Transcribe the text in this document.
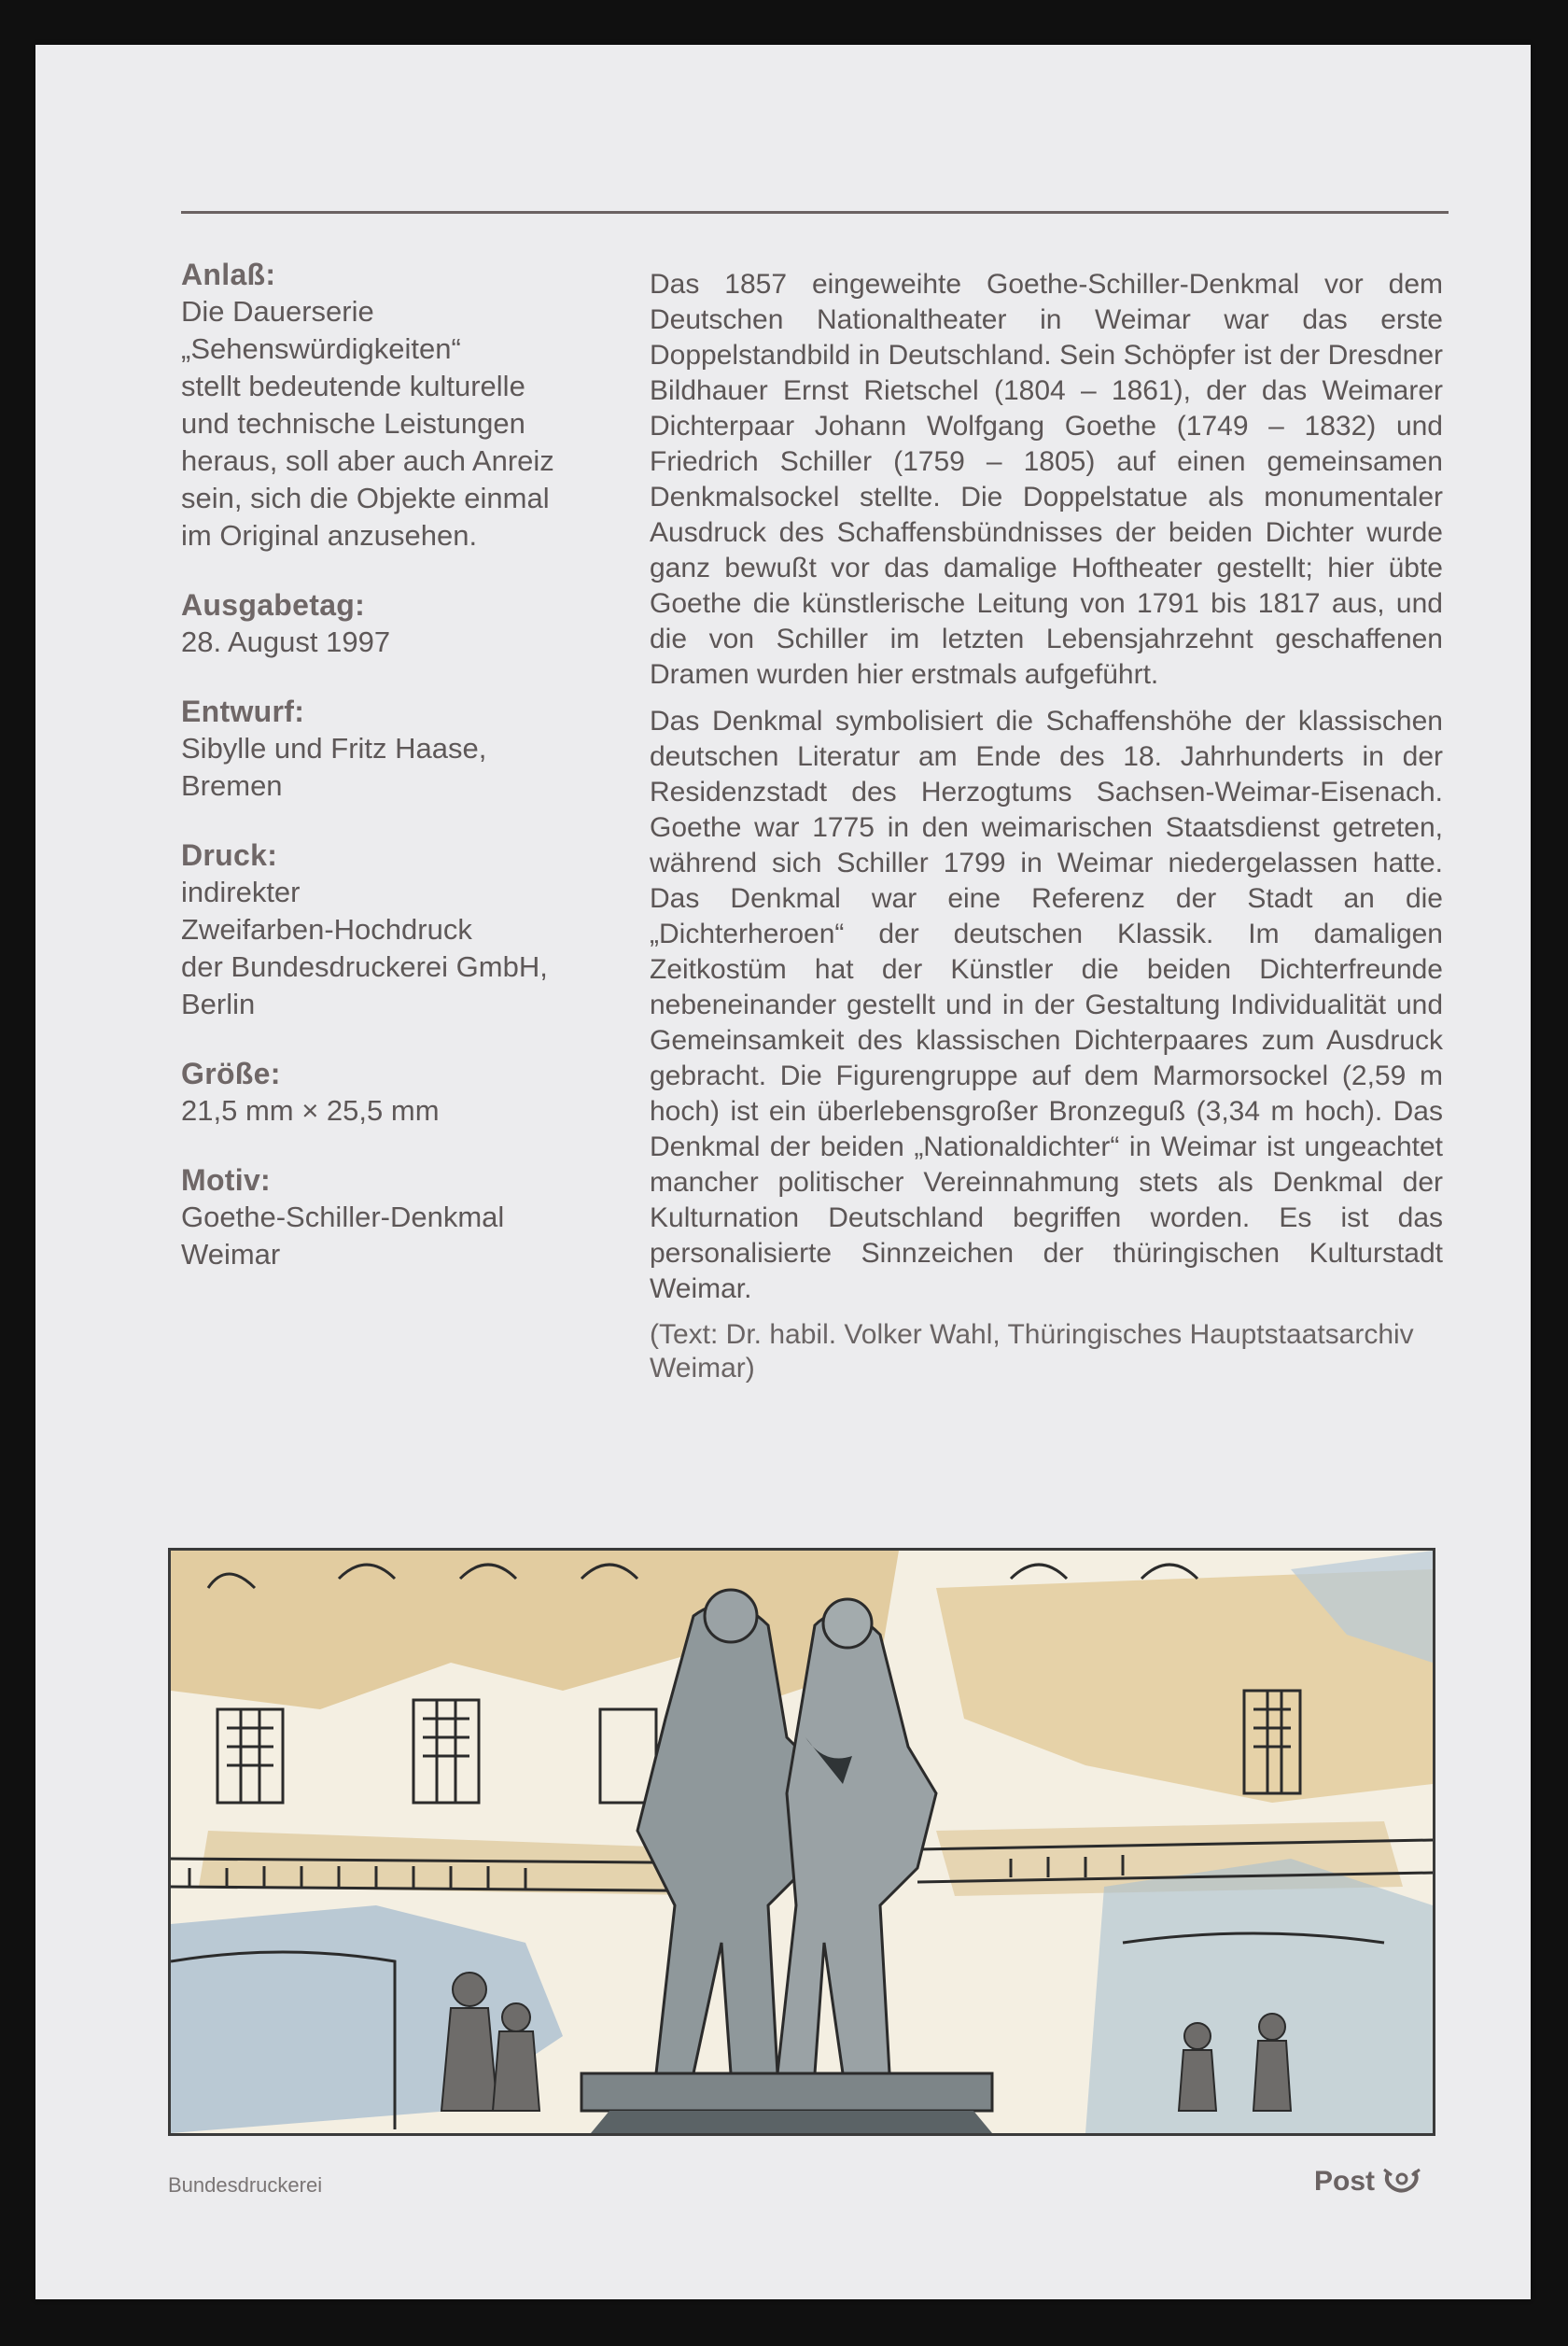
Anlaß:
Die Dauerserie
„Sehenswürdigkeiten“
stellt bedeutende kulturelle
und technische Leistungen
heraus, soll aber auch Anreiz
sein, sich die Objekte einmal
im Original anzusehen.
Ausgabetag:
28. August 1997
Entwurf:
Sibylle und Fritz Haase,
Bremen
Druck:
indirekter
Zweifarben-Hochdruck
der Bundesdruckerei GmbH,
Berlin
Größe:
21,5 mm × 25,5 mm
Motiv:
Goethe-Schiller-Denkmal
Weimar

Das 1857 eingeweihte Goethe-Schiller-Denkmal vor dem Deutschen Nationaltheater in Weimar war das erste Doppelstandbild in Deutschland. Sein Schöpfer ist der Dresdner Bildhauer Ernst Rietschel (1804 – 1861), der das Weimarer Dichterpaar Johann Wolfgang Goethe (1749 – 1832) und Friedrich Schiller (1759 – 1805) auf einen gemeinsamen Denkmalsockel stellte. Die Doppelstatue als monumentaler Ausdruck des Schaffensbündnisses der beiden Dichter wurde ganz bewußt vor das damalige Hoftheater gestellt; hier übte Goethe die künstlerische Leitung von 1791 bis 1817 aus, und die von Schiller im letzten Lebensjahrzehnt geschaffenen Dramen wurden hier erstmals aufgeführt.

Das Denkmal symbolisiert die Schaffenshöhe der klassischen deutschen Literatur am Ende des 18. Jahrhunderts in der Residenzstadt des Herzogtums Sachsen-Weimar-Eisenach. Goethe war 1775 in den weimarischen Staatsdienst getreten, während sich Schiller 1799 in Weimar niedergelassen hatte. Das Denkmal war eine Referenz der Stadt an die „Dichterheroen“ der deutschen Klassik. Im damaligen Zeitkostüm hat der Künstler die beiden Dichterfreunde nebeneinander gestellt und in der Gestaltung Individualität und Gemeinsamkeit des klassischen Dichterpaares zum Ausdruck gebracht. Die Figurengruppe auf dem Marmorsockel (2,59 m hoch) ist ein überlebensgroßer Bronzeguß (3,34 m hoch). Das Denkmal der beiden „Nationaldichter“ in Weimar ist ungeachtet mancher politischer Vereinnahmung stets als Denkmal der Kulturnation Deutschland begriffen worden. Es ist das personalisierte Sinnzeichen der thüringischen Kulturstadt Weimar.

(Text: Dr. habil. Volker Wahl, Thüringisches Hauptstaatsarchiv Weimar)

Bundesdruckerei	Post
